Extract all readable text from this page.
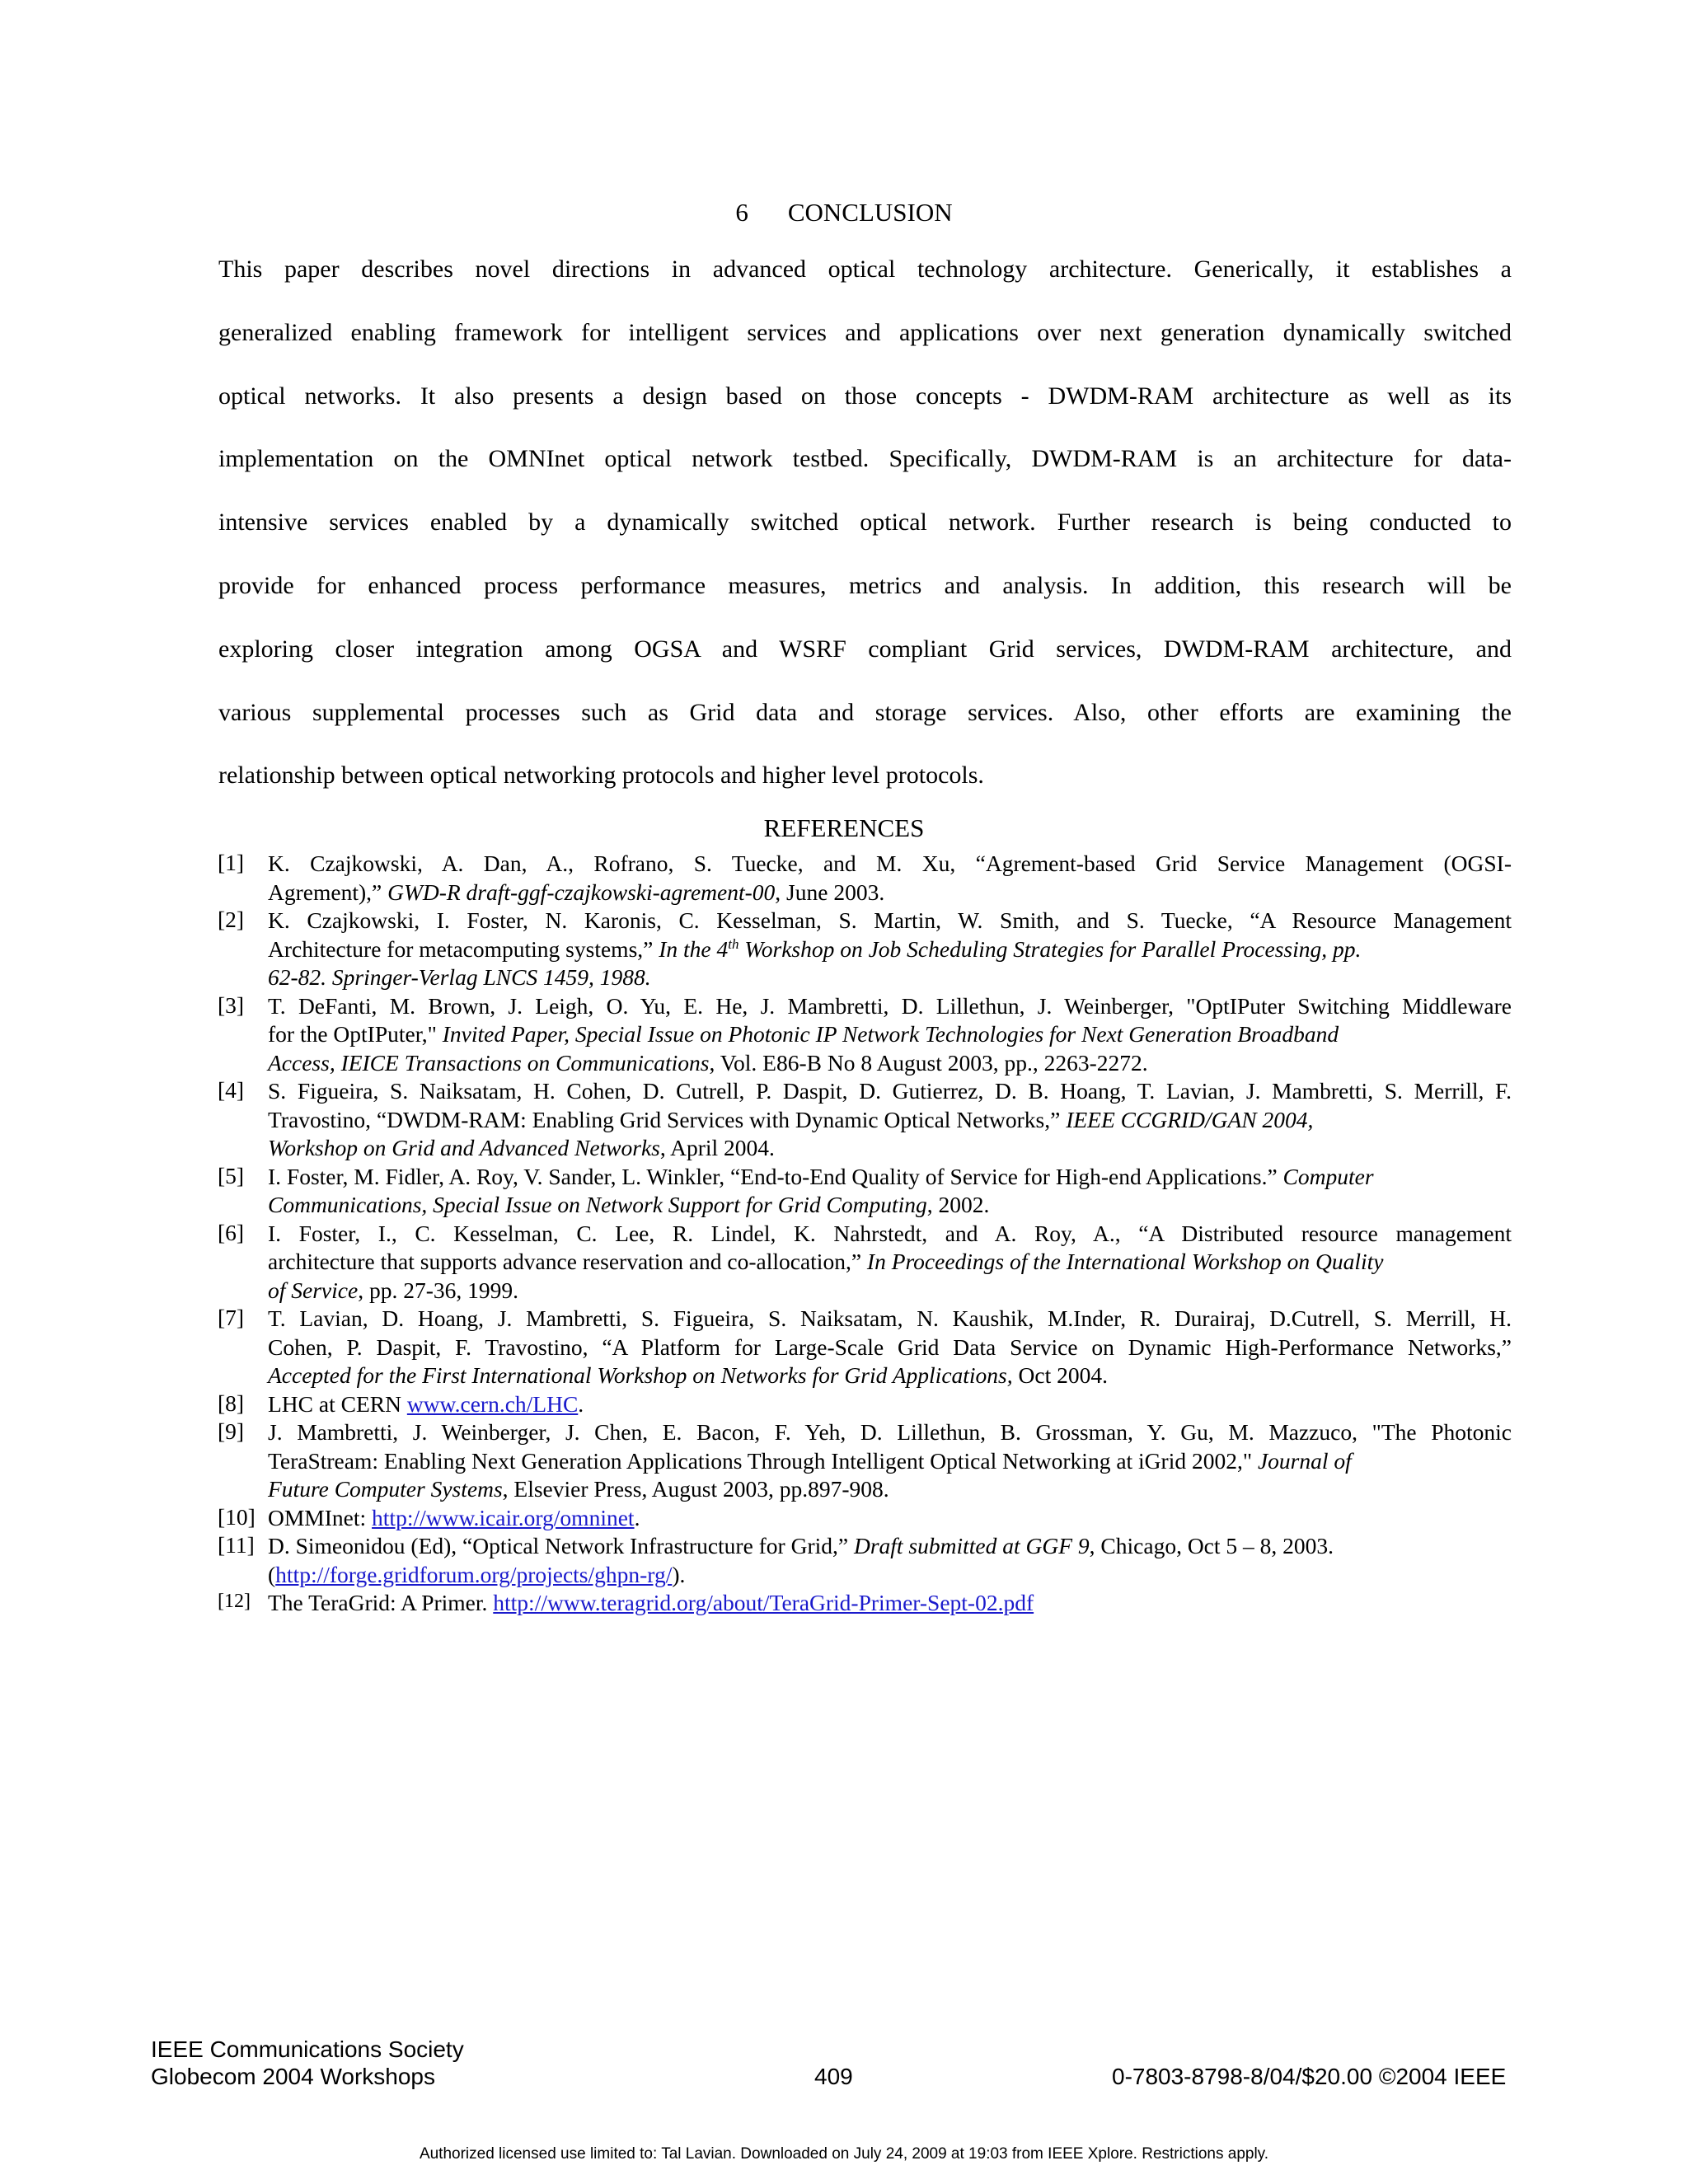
6 CONCLUSION
This paper describes novel directions in advanced optical technology architecture. Generically, it establishes a
generalized enabling framework for intelligent services and applications over next generation dynamically switched
optical networks. It also presents a design based on those concepts - DWDM-RAM architecture as well as its
implementation on the OMNInet optical network testbed. Specifically, DWDM-RAM is an architecture for data-
intensive services enabled by a dynamically switched optical network. Further research is being conducted to
provide for enhanced process performance measures, metrics and analysis. In addition, this research will be
exploring closer integration among OGSA and WSRF compliant Grid services, DWDM-RAM architecture, and
various supplemental processes such as Grid data and storage services. Also, other efforts are examining the
relationship between optical networking protocols and higher level protocols.
REFERENCES
[1] K. Czajkowski, A. Dan, A., Rofrano, S. Tuecke, and M. Xu, “Agrement-based Grid Service Management (OGSI-
Agrement),” GWD-R draft-ggf-czajkowski-agrement-00, June 2003.
[2] K. Czajkowski, I. Foster, N. Karonis, C. Kesselman, S. Martin, W. Smith, and S. Tuecke, “A Resource Management
Architecture for metacomputing systems,” In the 4th Workshop on Job Scheduling Strategies for Parallel Processing, pp.
62-82. Springer-Verlag LNCS 1459, 1988.
[3] T. DeFanti, M. Brown, J. Leigh, O. Yu, E. He, J. Mambretti, D. Lillethun, J. Weinberger, "OptIPuter Switching Middleware
for the OptIPuter," Invited Paper, Special Issue on Photonic IP Network Technologies for Next Generation Broadband
Access, IEICE Transactions on Communications, Vol. E86-B No 8 August 2003, pp., 2263-2272.
[4] S. Figueira, S. Naiksatam, H. Cohen, D. Cutrell, P. Daspit, D. Gutierrez, D. B. Hoang, T. Lavian, J. Mambretti, S. Merrill, F.
Travostino, “DWDM-RAM: Enabling Grid Services with Dynamic Optical Networks,” IEEE CCGRID/GAN 2004,
Workshop on Grid and Advanced Networks, April 2004.
[5] I. Foster, M. Fidler, A. Roy, V. Sander, L. Winkler, “End-to-End Quality of Service for High-end Applications.” Computer
Communications, Special Issue on Network Support for Grid Computing, 2002.
[6] I. Foster, I., C. Kesselman, C. Lee, R. Lindel, K. Nahrstedt, and A. Roy, A., “A Distributed resource management
architecture that supports advance reservation and co-allocation,” In Proceedings of the International Workshop on Quality
of Service, pp. 27-36, 1999.
[7] T. Lavian, D. Hoang, J. Mambretti, S. Figueira, S. Naiksatam, N. Kaushik, M.Inder, R. Durairaj, D.Cutrell, S. Merrill, H.
Cohen, P. Daspit, F. Travostino, “A Platform for Large-Scale Grid Data Service on Dynamic High-Performance Networks,”
Accepted for the First International Workshop on Networks for Grid Applications, Oct 2004.
[8] LHC at CERN www.cern.ch/LHC.
[9] J. Mambretti, J. Weinberger, J. Chen, E. Bacon, F. Yeh, D. Lillethun, B. Grossman, Y. Gu, M. Mazzuco, "The Photonic
TeraStream: Enabling Next Generation Applications Through Intelligent Optical Networking at iGrid 2002," Journal of
Future Computer Systems, Elsevier Press, August 2003, pp.897-908.
[10] OMMInet: http://www.icair.org/omninet.
[11] D. Simeonidou (Ed), “Optical Network Infrastructure for Grid,” Draft submitted at GGF 9, Chicago, Oct 5 – 8, 2003.
(http://forge.gridforum.org/projects/ghpn-rg/).
[12] The TeraGrid: A Primer. http://www.teragrid.org/about/TeraGrid-Primer-Sept-02.pdf
IEEE Communications Society
Globecom 2004 Workshops	409	0-7803-8798-8/04/$20.00 ©2004 IEEE
Authorized licensed use limited to: Tal Lavian. Downloaded on July 24, 2009 at 19:03 from IEEE Xplore. Restrictions apply.
